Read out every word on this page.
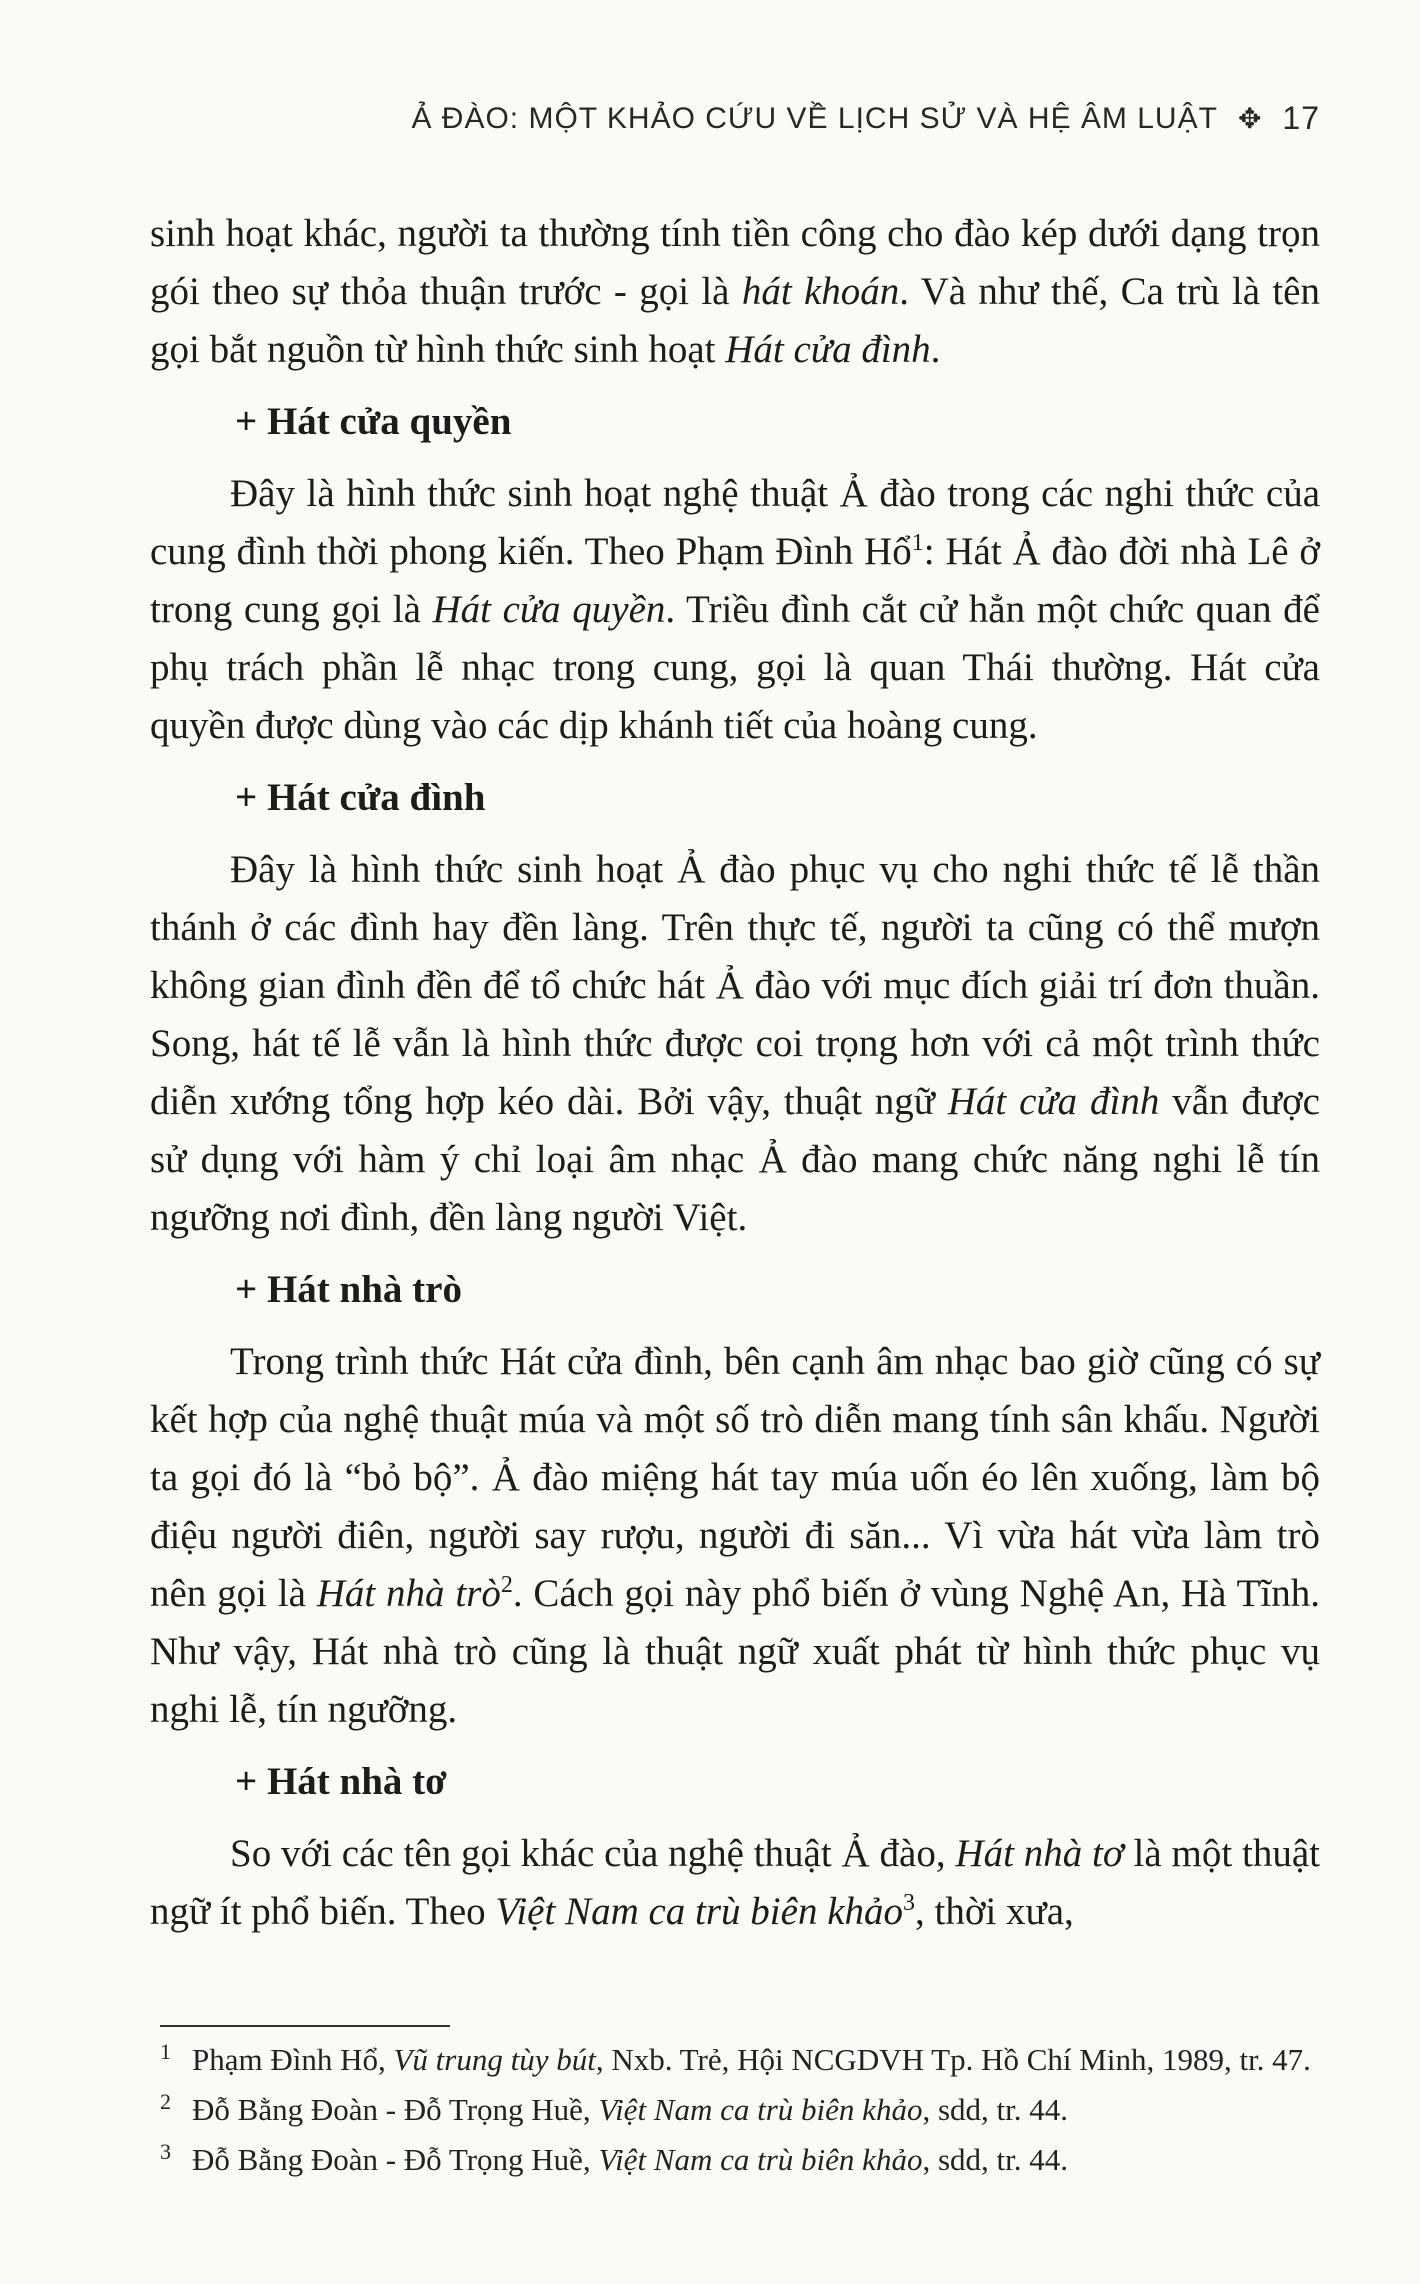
Ả ĐÀO: MỘT KHẢO CỨU VỀ LỊCH SỬ VÀ HỆ ÂM LUẬT ✥ 17

sinh hoạt khác, người ta thường tính tiền công cho đào kép dưới dạng trọn gói theo sự thỏa thuận trước - gọi là hát khoán. Và như thế, Ca trù là tên gọi bắt nguồn từ hình thức sinh hoạt Hát cửa đình.

+ Hát cửa quyền

Đây là hình thức sinh hoạt nghệ thuật Ả đào trong các nghi thức của cung đình thời phong kiến. Theo Phạm Đình Hổ$^1$: Hát Ả đào đời nhà Lê ở trong cung gọi là Hát cửa quyền. Triều đình cắt cử hẳn một chức quan để phụ trách phần lễ nhạc trong cung, gọi là quan Thái thường. Hát cửa quyền được dùng vào các dịp khánh tiết của hoàng cung.

+ Hát cửa đình

Đây là hình thức sinh hoạt Ả đào phục vụ cho nghi thức tế lễ thần thánh ở các đình hay đền làng. Trên thực tế, người ta cũng có thể mượn không gian đình đền để tổ chức hát Ả đào với mục đích giải trí đơn thuần. Song, hát tế lễ vẫn là hình thức được coi trọng hơn với cả một trình thức diễn xướng tổng hợp kéo dài. Bởi vậy, thuật ngữ Hát cửa đình vẫn được sử dụng với hàm ý chỉ loại âm nhạc Ả đào mang chức năng nghi lễ tín ngưỡng nơi đình, đền làng người Việt.

+ Hát nhà trò

Trong trình thức Hát cửa đình, bên cạnh âm nhạc bao giờ cũng có sự kết hợp của nghệ thuật múa và một số trò diễn mang tính sân khấu. Người ta gọi đó là “bỏ bộ”. Ả đào miệng hát tay múa uốn éo lên xuống, làm bộ điệu người điên, người say rượu, người đi săn... Vì vừa hát vừa làm trò nên gọi là Hát nhà trò$^2$. Cách gọi này phổ biến ở vùng Nghệ An, Hà Tĩnh. Như vậy, Hát nhà trò cũng là thuật ngữ xuất phát từ hình thức phục vụ nghi lễ, tín ngưỡng.

+ Hát nhà tơ

So với các tên gọi khác của nghệ thuật Ả đào, Hát nhà tơ là một thuật ngữ ít phổ biến. Theo Việt Nam ca trù biên khảo$^3$, thời xưa,

1 Phạm Đình Hổ, Vũ trung tùy bút, Nxb. Trẻ, Hội NCGDVH Tp. Hồ Chí Minh, 1989, tr. 47.
2 Đỗ Bằng Đoàn - Đỗ Trọng Huề, Việt Nam ca trù biên khảo, sdd, tr. 44.
3 Đỗ Bằng Đoàn - Đỗ Trọng Huề, Việt Nam ca trù biên khảo, sdd, tr. 44.
